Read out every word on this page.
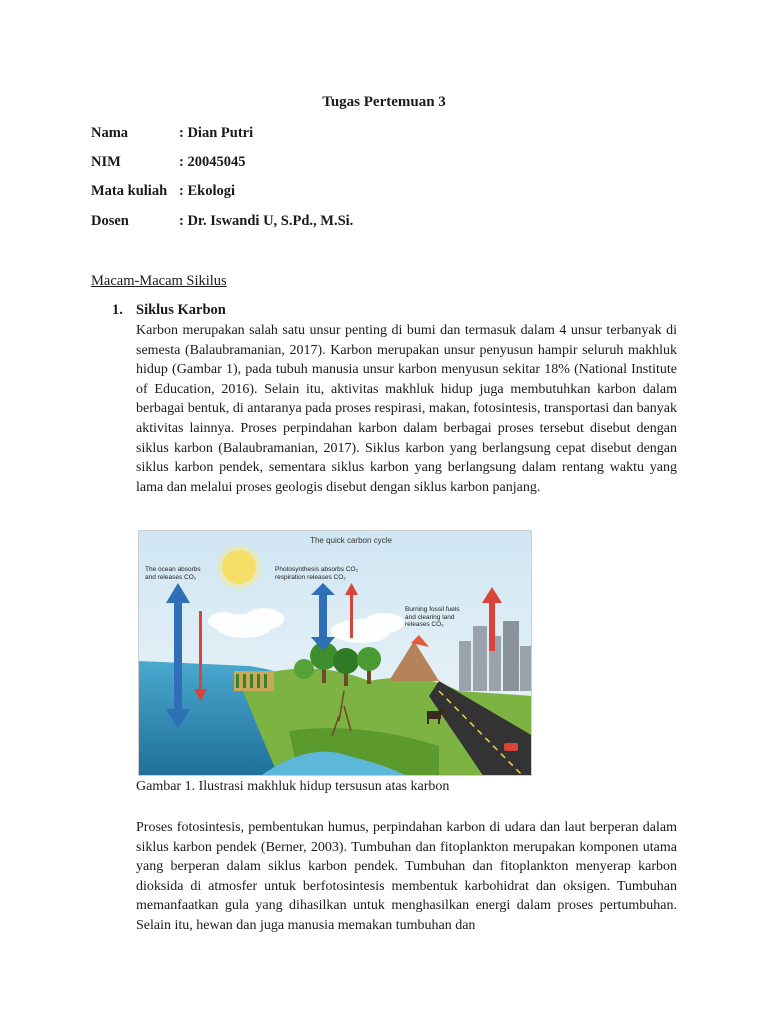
Tugas Pertemuan 3
Nama	: Dian Putri
NIM	: 20045045
Mata kuliah : Ekologi
Dosen	: Dr. Iswandi U, S.Pd., M.Si.
Macam-Macam Sikilus
1. Siklus Karbon
Karbon merupakan salah satu unsur penting di bumi dan termasuk dalam 4 unsur terbanyak di semesta (Balaubramanian, 2017). Karbon merupakan unsur penyusun hampir seluruh makhluk hidup (Gambar 1), pada tubuh manusia unsur karbon menyusun sekitar 18% (National Institute of Education, 2016). Selain itu, aktivitas makhluk hidup juga membutuhkan karbon dalam berbagai bentuk, di antaranya pada proses respirasi, makan, fotosintesis, transportasi dan banyak aktivitas lainnya. Proses perpindahan karbon dalam berbagai proses tersebut disebut dengan siklus karbon (Balaubramanian, 2017). Siklus karbon yang berlangsung cepat disebut dengan siklus karbon pendek, sementara siklus karbon yang berlangsung dalam rentang waktu yang lama dan melalui proses geologis disebut dengan siklus karbon panjang.
The quick carbon cycle
The ocean absorbs and releases CO₂
Photosynthesis absorbs CO₂ respiration releases CO₂
Burning fossil fuels and clearing land releases CO₂
Gambar 1. Ilustrasi makhluk hidup tersusun atas karbon
Proses fotosintesis, pembentukan humus, perpindahan karbon di udara dan laut berperan dalam siklus karbon pendek (Berner, 2003). Tumbuhan dan fitoplankton merupakan komponen utama yang berperan dalam siklus karbon pendek. Tumbuhan dan fitoplankton menyerap karbon dioksida di atmosfer untuk berfotosintesis membentuk karbohidrat dan oksigen. Tumbuhan memanfaatkan gula yang dihasilkan untuk menghasilkan energi dalam proses pertumbuhan. Selain itu, hewan dan juga manusia memakan tumbuhan dan
